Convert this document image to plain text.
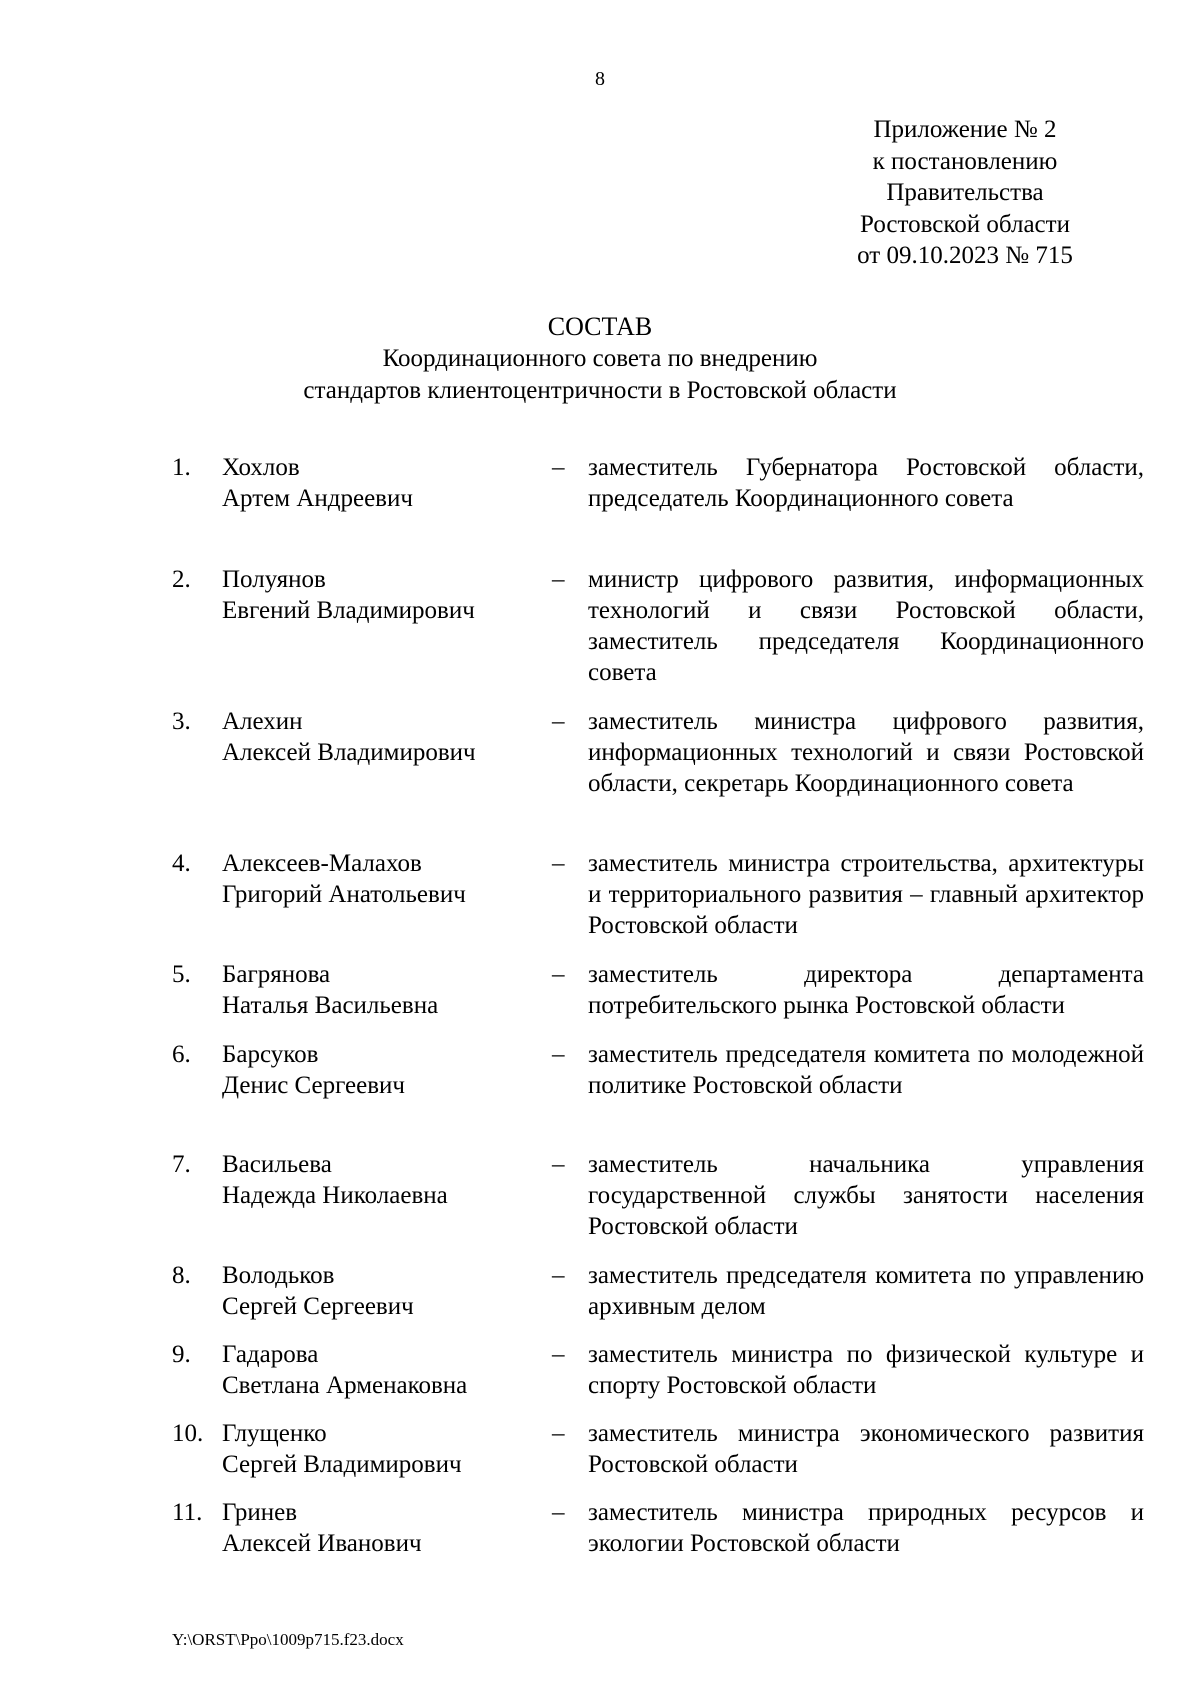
8
Приложение № 2
к постановлению
Правительства
Ростовской области
от 09.10.2023 № 715
СОСТАВ
Координационного совета по внедрению
стандартов клиентоцентричности в Ростовской области
1.	Хохлов
Артем Андреевич
– заместитель Губернатора Ростовской области, председатель Координационного совета
2.	Полуянов
Евгений Владимирович
– министр цифрового развития, информационных технологий и связи Ростовской области, заместитель председателя Координационного совета
3.	Алехин
Алексей Владимирович
– заместитель министра цифрового развития, информационных технологий и связи Ростовской области, секретарь Координационного совета
4.	Алексеев-Малахов
Григорий Анатольевич
– заместитель министра строительства, архитектуры и территориального развития – главный архитектор Ростовской области
5.	Багрянова
Наталья Васильевна
– заместитель директора департамента потребительского рынка Ростовской области
6.	Барсуков
Денис Сергеевич
– заместитель председателя комитета по молодежной политике Ростовской области
7.	Васильева
Надежда Николаевна
– заместитель начальника управления государственной службы занятости населения Ростовской области
8.	Володьков
Сергей Сергеевич
– заместитель председателя комитета по управлению архивным делом
9.	Гадарова
Светлана Арменаковна
– заместитель министра по физической культуре и спорту Ростовской области
10. Глущенко
Сергей Владимирович
– заместитель министра экономического развития Ростовской области
11. Гринев
Алексей Иванович
– заместитель министра природных ресурсов и экологии Ростовской области
Y:\ORST\Ppo\1009p715.f23.docx
